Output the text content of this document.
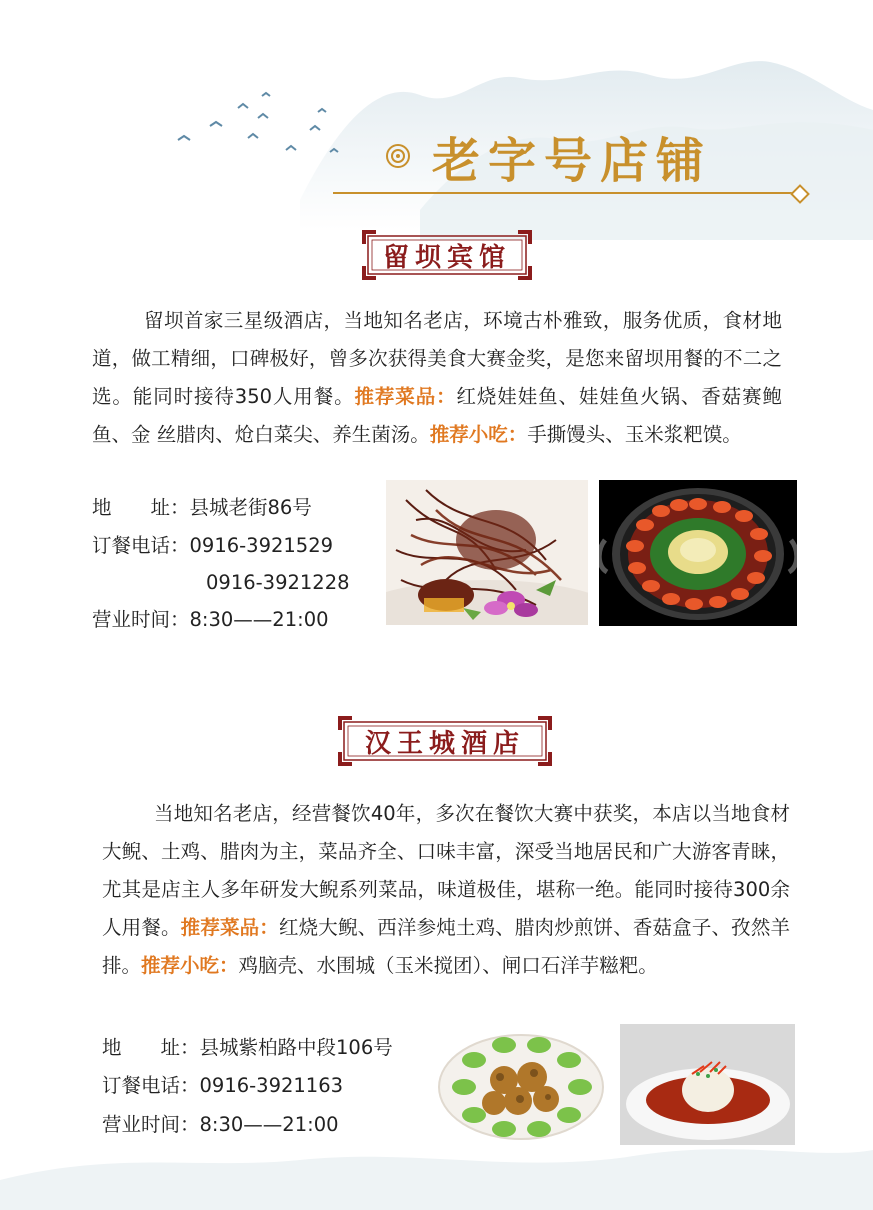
老字号店铺
留坝宾馆
留坝首家三星级酒店，当地知名老店，环境古朴雅致，服务优质，食材地道，做工精细，口碑极好，曾多次获得美食大赛金奖，是您来留坝用餐的不二之选。能同时接待350人用餐。推荐菜品：红烧娃娃鱼、娃娃鱼火锅、香菇赛鲍鱼、金 丝腊肉、炝白菜尖、养生菌汤。推荐小吃：手撕馒头、玉米浆粑馍。
地　　址：县城老街86号
订餐电话：0916-3921529
0916-3921228
营业时间：8:30——21:00
汉王城酒店
当地知名老店，经营餐饮40年，多次在餐饮大赛中获奖，本店以当地食材大鲵、土鸡、腊肉为主，菜品齐全、口味丰富，深受当地居民和广大游客青睐，尤其是店主人多年研发大鲵系列菜品，味道极佳，堪称一绝。能同时接待300余人用餐。推荐菜品：红烧大鲵、西洋参炖土鸡、腊肉炒煎饼、香菇盒子、孜然羊排。推荐小吃：鸡脑壳、水围城（玉米搅团）、闸口石洋芋糍粑。
地　　址：县城紫柏路中段106号
订餐电话：0916-3921163
营业时间：8:30——21:00
